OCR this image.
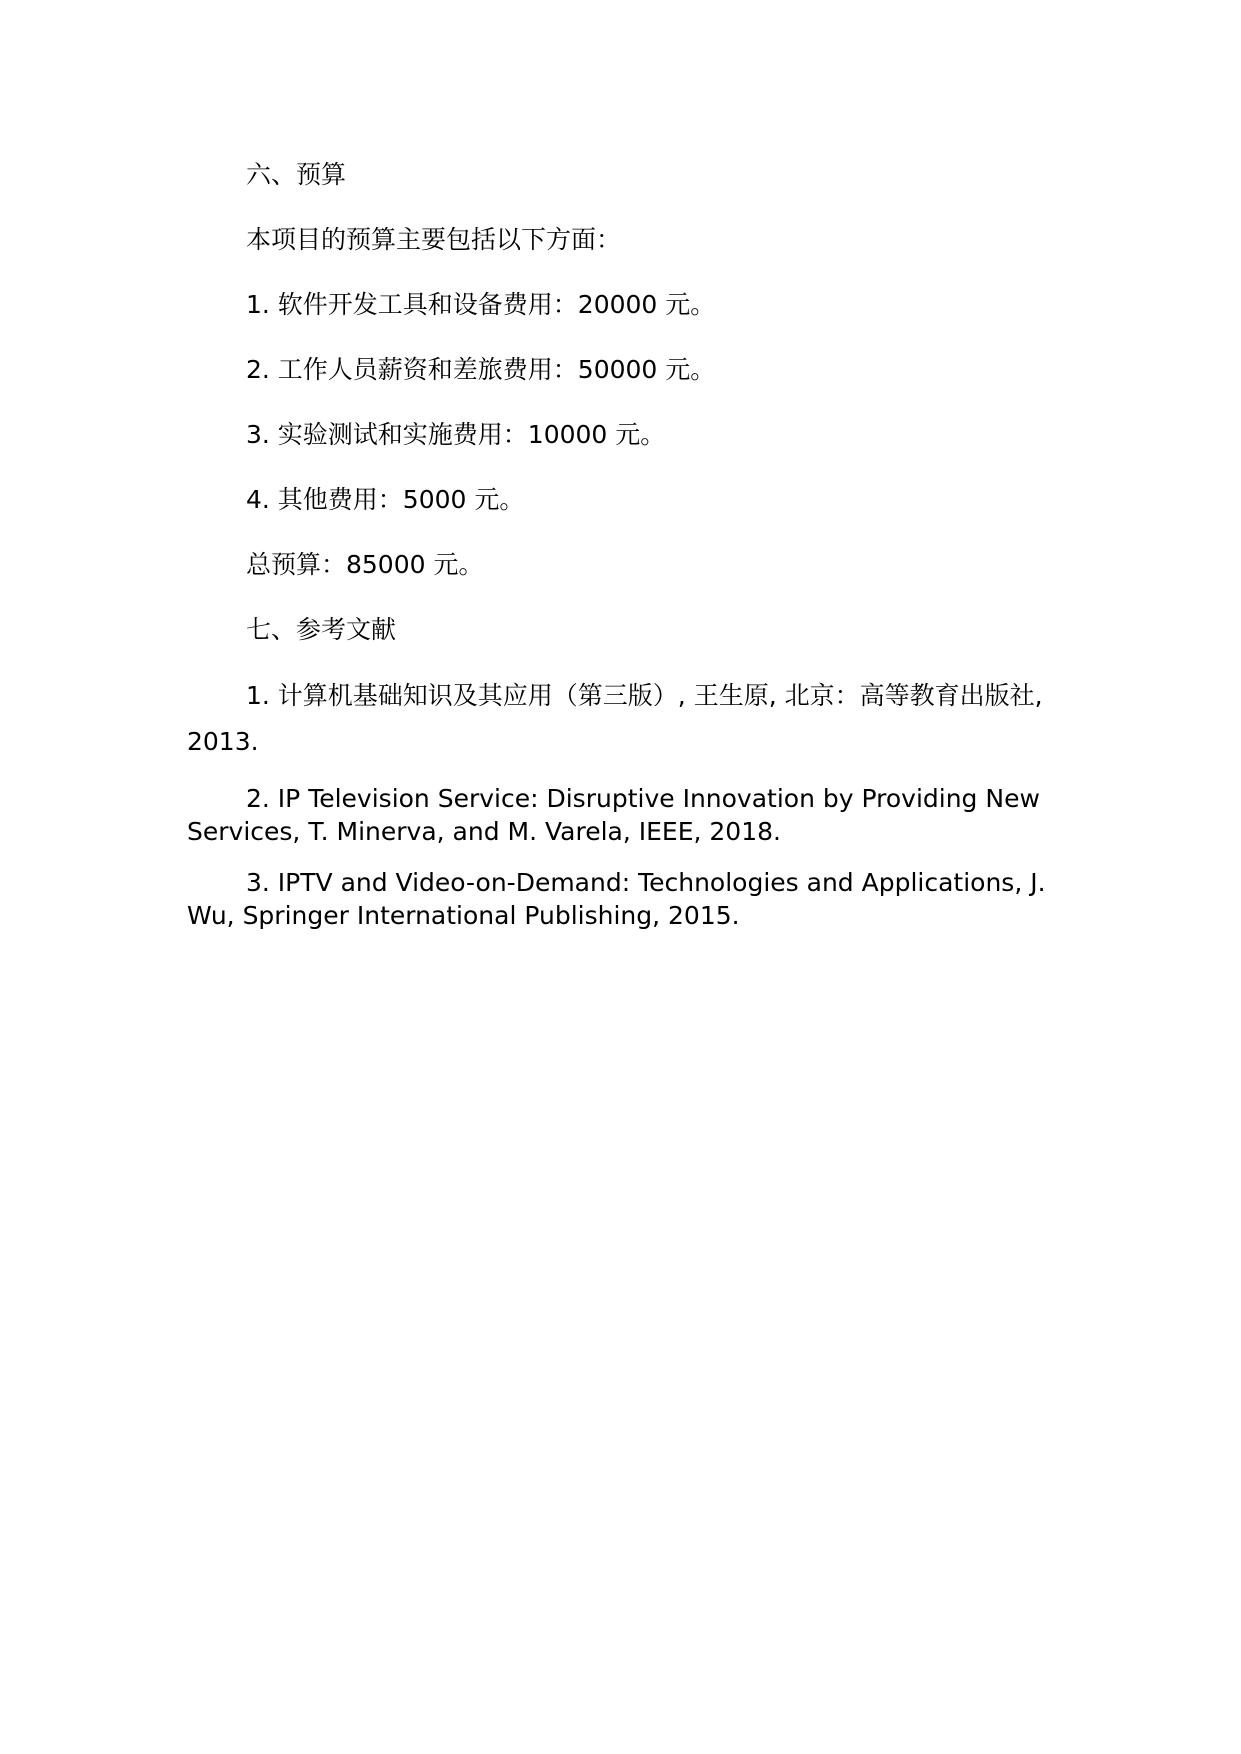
六、预算
本项目的预算主要包括以下方面：
1. 软件开发工具和设备费用：20000 元。
2. 工作人员薪资和差旅费用：50000 元。
3. 实验测试和实施费用：10000 元。
4. 其他费用：5000 元。
总预算：85000 元。
七、参考文献
1. 计算机基础知识及其应用（第三版）, 王生原, 北京：高等教育出版社, 2013.
2. IP Television Service: Disruptive Innovation by Providing New Services, T. Minerva, and M. Varela, IEEE, 2018.
3. IPTV and Video-on-Demand: Technologies and Applications, J. Wu, Springer International Publishing, 2015.
